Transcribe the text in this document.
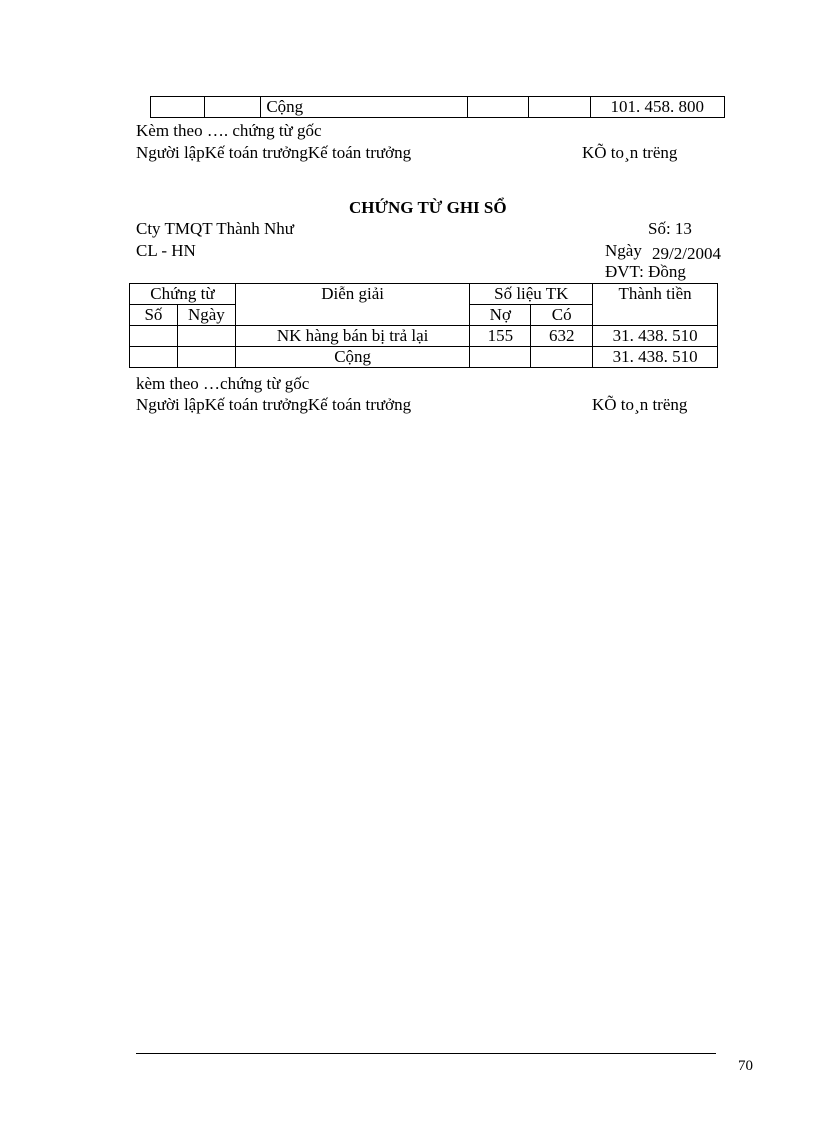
		Cộng			101. 458. 800
Kèm theo …. chứng từ gốc
Người lậpKế toán trưởngKế toán trưởng	KÕ to¸n trëng
CHỨNG TỪ GHI SỔ
Cty TMQT Thành Như	Số: 13
CL - HN	Ngày 29/2/2004
ĐVT: Đồng
Chứng từ		Diễn giải	Số liệu TK		Thành tiền
Số	Ngày		Nợ	Có	
		NK hàng bán bị trả lại	155	632	31. 438. 510
		Cộng			31. 438. 510
kèm theo …chứng từ gốc
Người lậpKế toán trưởngKế toán trưởng	KÕ to¸n trëng
70
